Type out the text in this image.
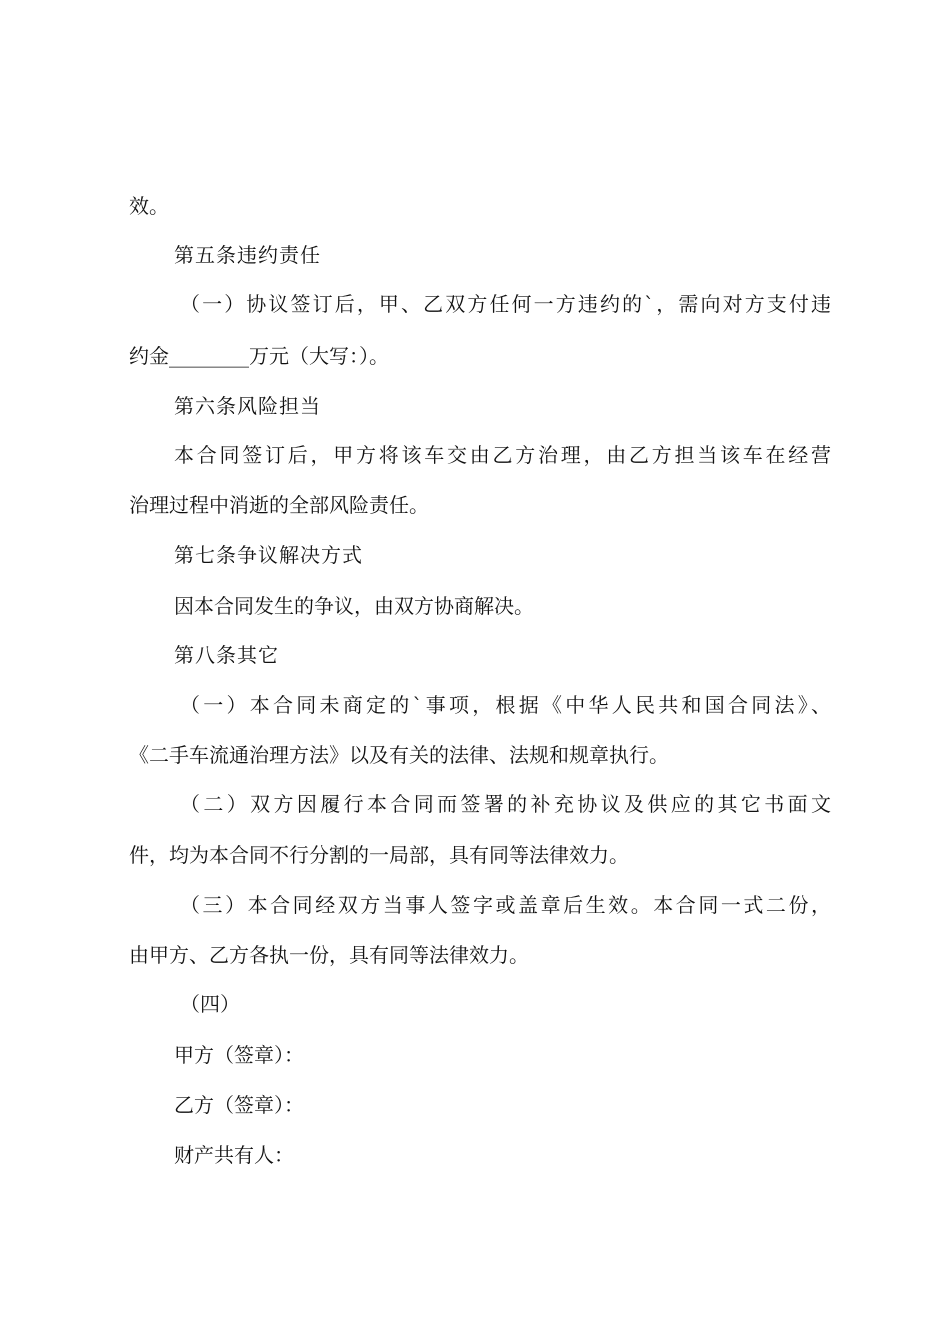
效。
第五条违约责任
（一）协议签订后，甲、乙双方任何一方违约的`，需向对方支付违
约金________万元（大写：）。
第六条风险担当
本合同签订后，甲方将该车交由乙方治理，由乙方担当该车在经营
治理过程中消逝的全部风险责任。
第七条争议解决方式
因本合同发生的争议，由双方协商解决。
第八条其它
（一）本合同未商定的`事项，根据《中华人民共和国合同法》、
《二手车流通治理方法》以及有关的法律、法规和规章执行。
（二）双方因履行本合同而签署的补充协议及供应的其它书面文
件，均为本合同不行分割的一局部，具有同等法律效力。
（三）本合同经双方当事人签字或盖章后生效。本合同一式二份，
由甲方、乙方各执一份，具有同等法律效力。
（四）
甲方（签章）：
乙方（签章）：
财产共有人：
